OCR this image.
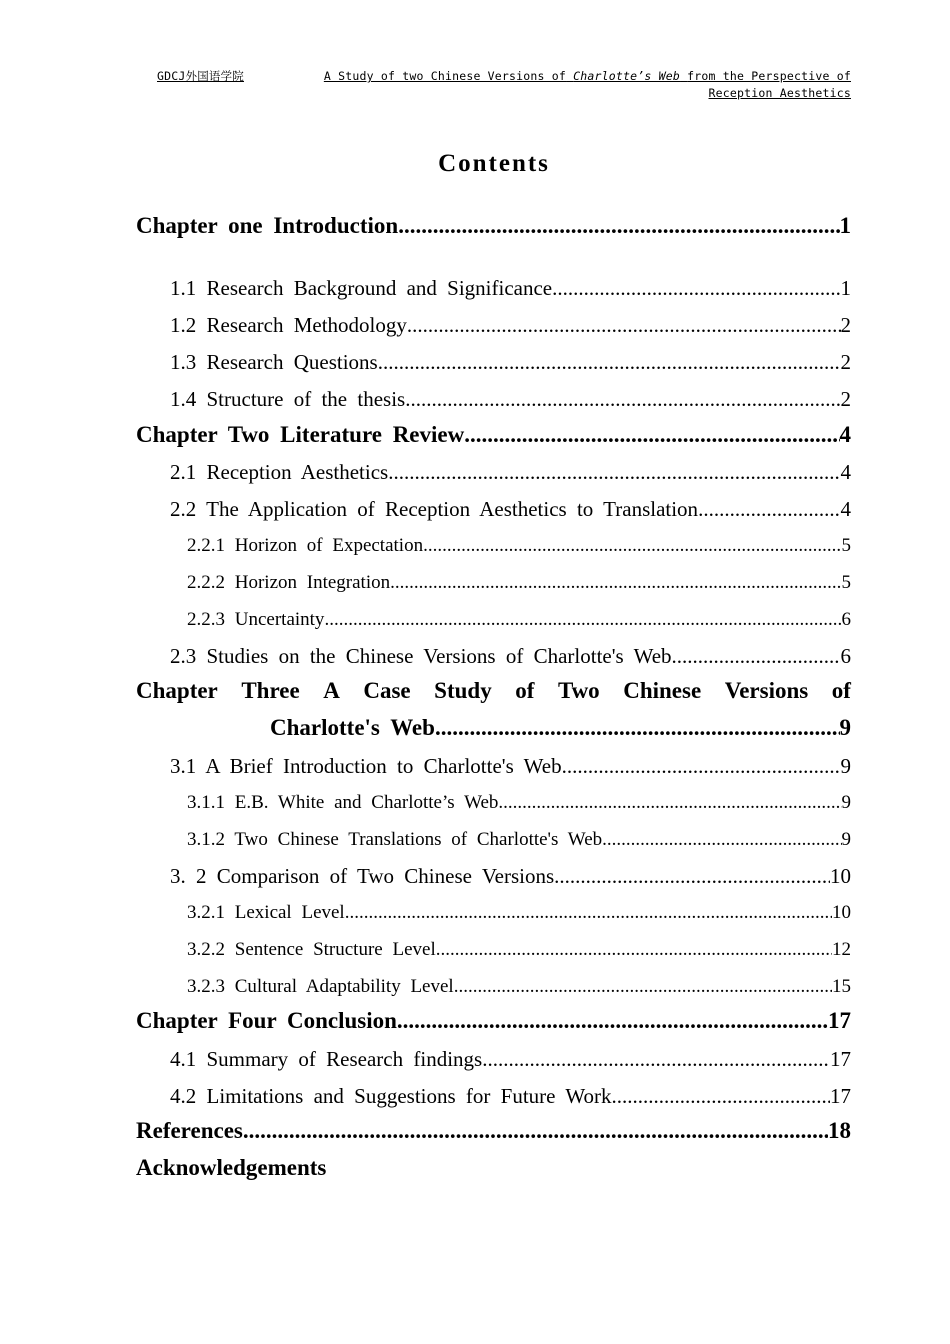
GDCJ外国语学院	A Study of two Chinese Versions of Charlotte’s Web from the Perspective of
Reception Aesthetics
Contents
Chapter one Introduction .....	1
1.1 Research Background and Significance .....	1
1.2 Research Methodology .....	2
1.3 Research Questions .....	2
1.4 Structure of the thesis .....	2
Chapter Two Literature Review .....	4
2.1 Reception Aesthetics .....	4
2.2 The Application of Reception Aesthetics to Translation .....	4
2.2.1 Horizon of Expectation .....	5
2.2.2 Horizon Integration .....	5
2.2.3 Uncertainty .....	6
2.3 Studies on the Chinese Versions of Charlotte's Web .....	6
Chapter Three A Case Study of Two Chinese Versions of
Charlotte's Web .....	9
3.1 A Brief Introduction to Charlotte's Web .....	9
3.1.1 E.B. White and Charlotte’s Web .....	9
3.1.2 Two Chinese Translations of Charlotte's Web .....	9
3. 2 Comparison of Two Chinese Versions .....	10
3.2.1 Lexical Level .....	10
3.2.2 Sentence Structure Level .....	12
3.2.3 Cultural Adaptability Level .....	15
Chapter Four Conclusion .....	17
4.1 Summary of Research findings .....	17
4.2 Limitations and Suggestions for Future Work .....	17
References .....	18
Acknowledgements
